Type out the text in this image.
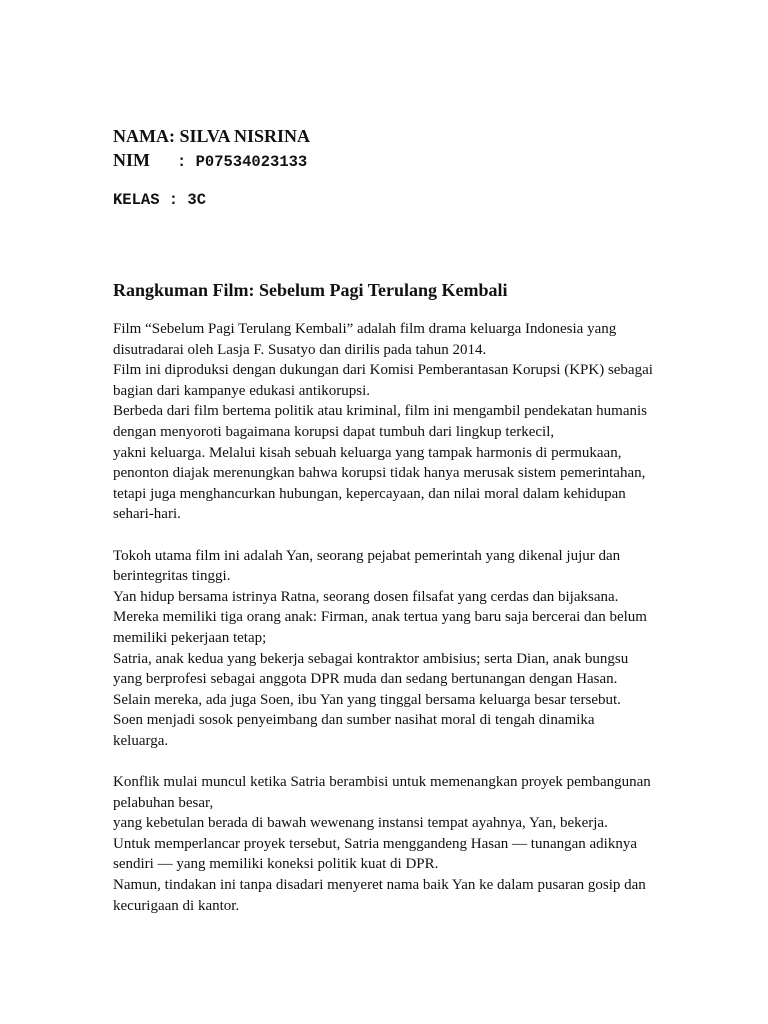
NAMA: SILVA NISRINA
NIM : P07534023133
KELAS : 3C
Rangkuman Film: Sebelum Pagi Terulang Kembali
Film “Sebelum Pagi Terulang Kembali” adalah film drama keluarga Indonesia yang
disutradarai oleh Lasja F. Susatyo dan dirilis pada tahun 2014.
Film ini diproduksi dengan dukungan dari Komisi Pemberantasan Korupsi (KPK) sebagai
bagian dari kampanye edukasi antikorupsi.
Berbeda dari film bertema politik atau kriminal, film ini mengambil pendekatan humanis
dengan menyoroti bagaimana korupsi dapat tumbuh dari lingkup terkecil,
yakni keluarga. Melalui kisah sebuah keluarga yang tampak harmonis di permukaan,
penonton diajak merenungkan bahwa korupsi tidak hanya merusak sistem pemerintahan,
tetapi juga menghancurkan hubungan, kepercayaan, dan nilai moral dalam kehidupan
sehari-hari.
Tokoh utama film ini adalah Yan, seorang pejabat pemerintah yang dikenal jujur dan
berintegritas tinggi.
Yan hidup bersama istrinya Ratna, seorang dosen filsafat yang cerdas dan bijaksana.
Mereka memiliki tiga orang anak: Firman, anak tertua yang baru saja bercerai dan belum
memiliki pekerjaan tetap;
Satria, anak kedua yang bekerja sebagai kontraktor ambisius; serta Dian, anak bungsu
yang berprofesi sebagai anggota DPR muda dan sedang bertunangan dengan Hasan.
Selain mereka, ada juga Soen, ibu Yan yang tinggal bersama keluarga besar tersebut.
Soen menjadi sosok penyeimbang dan sumber nasihat moral di tengah dinamika
keluarga.
Konflik mulai muncul ketika Satria berambisi untuk memenangkan proyek pembangunan
pelabuhan besar,
yang kebetulan berada di bawah wewenang instansi tempat ayahnya, Yan, bekerja.
Untuk memperlancar proyek tersebut, Satria menggandeng Hasan — tunangan adiknya
sendiri — yang memiliki koneksi politik kuat di DPR.
Namun, tindakan ini tanpa disadari menyeret nama baik Yan ke dalam pusaran gosip dan
kecurigaan di kantor.
